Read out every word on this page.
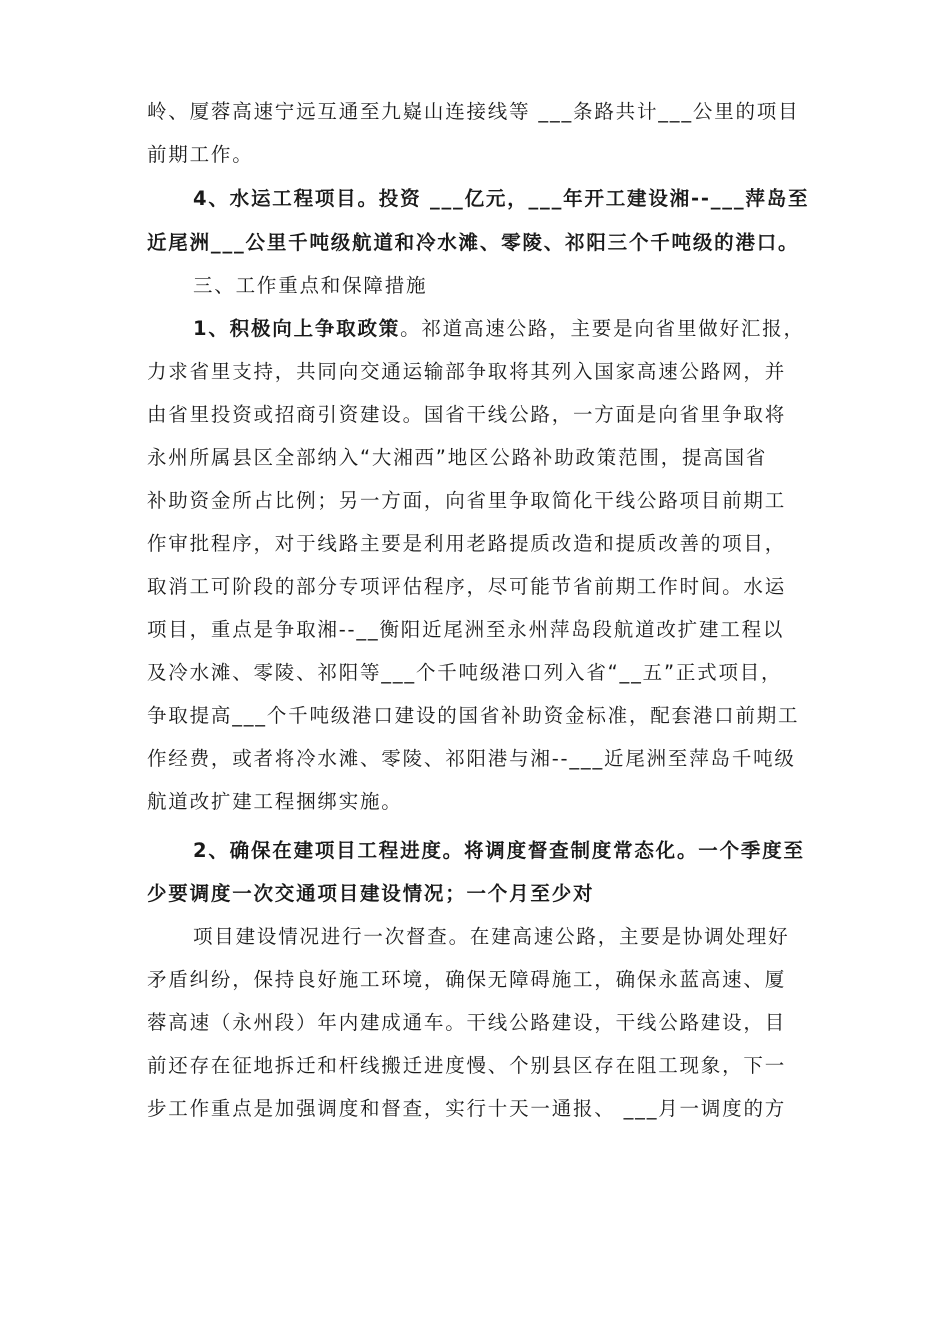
岭、厦蓉高速宁远互通至九嶷山连接线等 ___条路共计___公里的项目
前期工作。
4、水运工程项目。投资 ___亿元，___年开工建设湘--___萍岛至
近尾洲___公里千吨级航道和冷水滩、零陵、祁阳三个千吨级的港口。
三、工作重点和保障措施
1、积极向上争取政策。祁道高速公路，主要是向省里做好汇报，
力求省里支持，共同向交通运输部争取将其列入国家高速公路网，并
由省里投资或招商引资建设。国省干线公路，一方面是向省里争取将
永州所属县区全部纳入“大湘西”地区公路补助政策范围，提高国省
补助资金所占比例；另一方面，向省里争取简化干线公路项目前期工
作审批程序，对于线路主要是利用老路提质改造和提质改善的项目，
取消工可阶段的部分专项评估程序，尽可能节省前期工作时间。水运
项目，重点是争取湘--__衡阳近尾洲至永州萍岛段航道改扩建工程以
及冷水滩、零陵、祁阳等___个千吨级港口列入省“__五”正式项目，
争取提高___个千吨级港口建设的国省补助资金标准，配套港口前期工
作经费，或者将冷水滩、零陵、祁阳港与湘--___近尾洲至萍岛千吨级
航道改扩建工程捆绑实施。
2、确保在建项目工程进度。将调度督查制度常态化。一个季度至
少要调度一次交通项目建设情况；一个月至少对
项目建设情况进行一次督查。在建高速公路，主要是协调处理好
矛盾纠纷，保持良好施工环境，确保无障碍施工，确保永蓝高速、厦
蓉高速（永州段）年内建成通车。干线公路建设，干线公路建设，目
前还存在征地拆迁和杆线搬迁进度慢、个别县区存在阻工现象，下一
步工作重点是加强调度和督查，实行十天一通报、 ___月一调度的方
